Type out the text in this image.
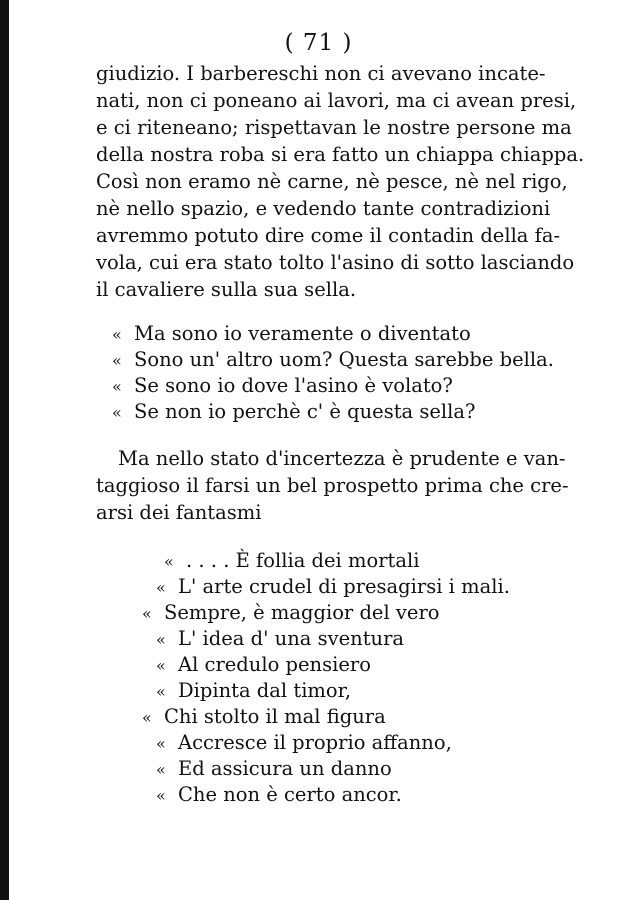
( 71 )
giudizio. I barbereschi non ci avevano incate-
nati, non ci poneano ai lavori, ma ci avean presi,
e ci riteneano; rispettavan le nostre persone ma
della nostra roba si era fatto un chiappa chiappa.
Così non eramo nè carne, nè pesce, nè nel rigo,
nè nello spazio, e vedendo tante contradizioni
avremmo potuto dire come il contadin della fa-
vola, cui era stato tolto l'asino di sotto lasciando
il cavaliere sulla sua sella.
« Ma sono io veramente o diventato
« Sono un' altro uom? Questa sarebbe bella.
« Se sono io dove l'asino è volato?
« Se non io perchè c' è questa sella?
Ma nello stato d'incertezza è prudente e van-
taggioso il farsi un bel prospetto prima che cre-
arsi dei fantasmi
« . . . . È follia dei mortali
« L' arte crudel di presagirsi i mali.
« Sempre, è maggior del vero
« L' idea d' una sventura
« Al credulo pensiero
« Dipinta dal timor,
« Chi stolto il mal figura
« Accresce il proprio affanno,
« Ed assicura un danno
« Che non è certo ancor.
